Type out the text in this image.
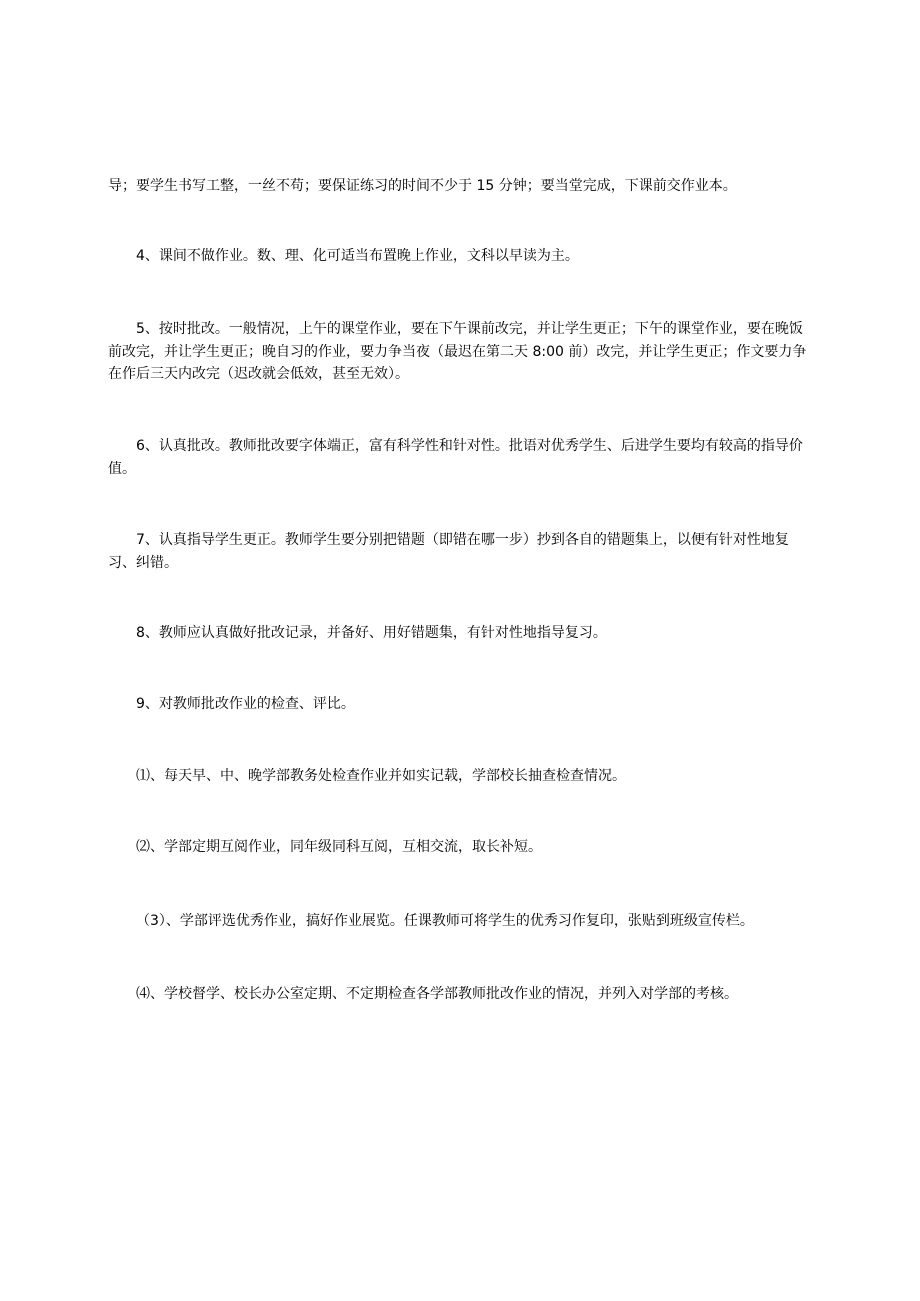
导；要学生书写工整，一丝不苟；要保证练习的时间不少于 15 分钟；要当堂完成，下课前交作业本。

4、课间不做作业。数、理、化可适当布置晚上作业，文科以早读为主。

5、按时批改。一般情况，上午的课堂作业，要在下午课前改完，并让学生更正；下午的课堂作业，要在晚饭前改完，并让学生更正；晚自习的作业，要力争当夜（最迟在第二天 8:00 前）改完，并让学生更正；作文要力争在作后三天内改完（迟改就会低效，甚至无效）。

6、认真批改。教师批改要字体端正，富有科学性和针对性。批语对优秀学生、后进学生要均有较高的指导价值。

7、认真指导学生更正。教师学生要分别把错题（即错在哪一步）抄到各自的错题集上，以便有针对性地复习、纠错。

8、教师应认真做好批改记录，并备好、用好错题集，有针对性地指导复习。

9、对教师批改作业的检查、评比。

⑴、每天早、中、晚学部教务处检查作业并如实记载，学部校长抽查检查情况。

⑵、学部定期互阅作业，同年级同科互阅，互相交流，取长补短。

（3）、学部评选优秀作业，搞好作业展览。任课教师可将学生的优秀习作复印，张贴到班级宣传栏。

⑷、学校督学、校长办公室定期、不定期检查各学部教师批改作业的情况，并列入对学部的考核。
